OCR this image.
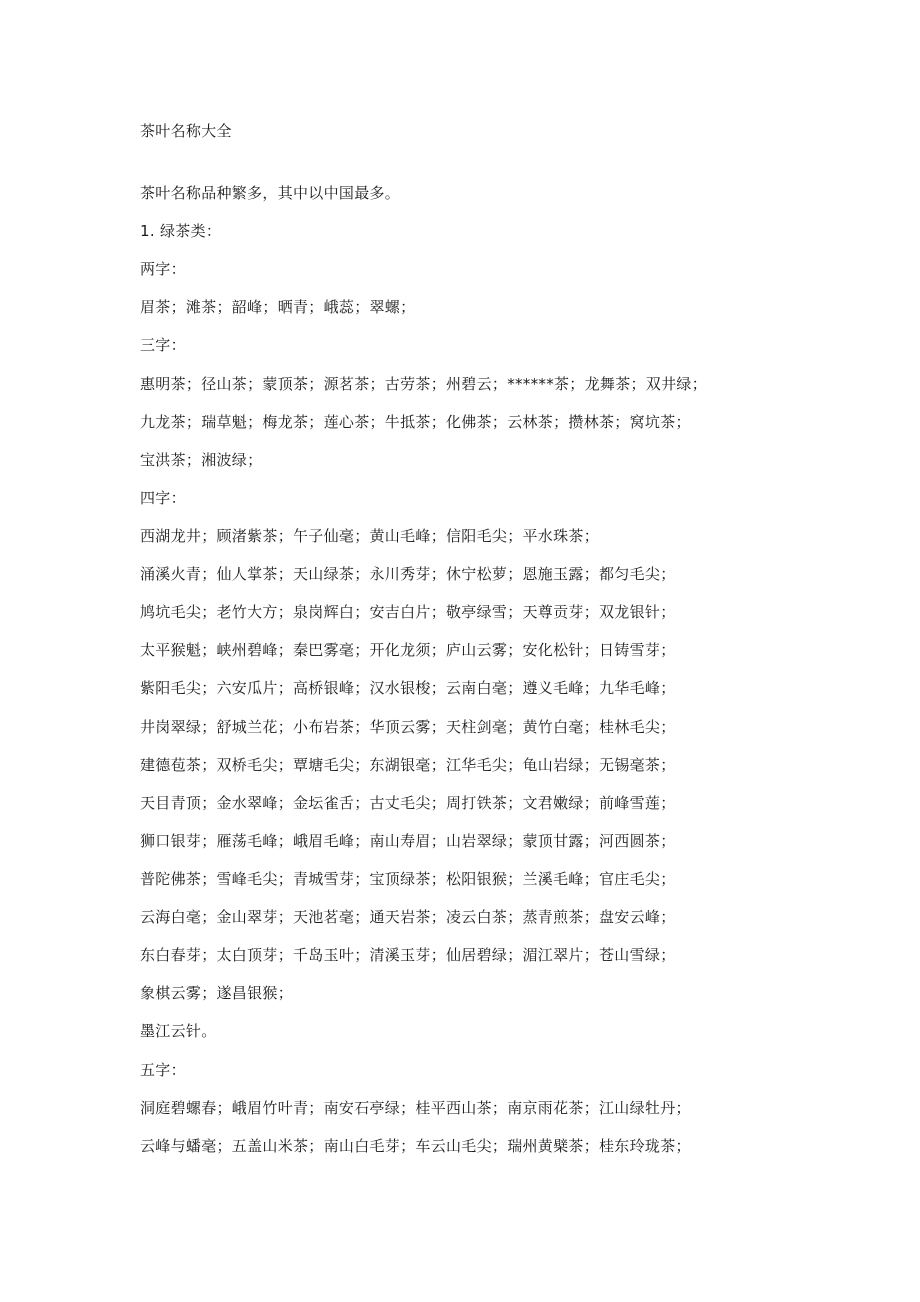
茶叶名称大全
茶叶名称品种繁多，其中以中国最多。
1. 绿茶类：
两字：
眉茶；滩茶；韶峰；晒青；峨蕊；翠螺；
三字：
惠明茶；径山茶；蒙顶茶；源茗茶；古劳茶；州碧云；******茶；龙舞茶；双井绿；
九龙茶；瑞草魁；梅龙茶；莲心茶；牛抵茶；化佛茶；云林茶；攒林茶；窝坑茶；
宝洪茶；湘波绿；
四字：
西湖龙井；顾渚紫茶；午子仙毫；黄山毛峰；信阳毛尖；平水珠茶；
涌溪火青；仙人掌茶；天山绿茶；永川秀芽；休宁松萝；恩施玉露；都匀毛尖；
鸠坑毛尖；老竹大方；泉岗辉白；安吉白片；敬亭绿雪；天尊贡芽；双龙银针；
太平猴魁；峡州碧峰；秦巴雾毫；开化龙须；庐山云雾；安化松针；日铸雪芽；
紫阳毛尖；六安瓜片；高桥银峰；汉水银梭；云南白毫；遵义毛峰；九华毛峰；
井岗翠绿；舒城兰花；小布岩茶；华顶云雾；天柱剑毫；黄竹白毫；桂林毛尖；
建德苞茶；双桥毛尖；覃塘毛尖；东湖银毫；江华毛尖；龟山岩绿；无锡毫茶；
天目青顶；金水翠峰；金坛雀舌；古丈毛尖；周打铁茶；文君嫩绿；前峰雪莲；
狮口银芽；雁荡毛峰；峨眉毛峰；南山寿眉；山岩翠绿；蒙顶甘露；河西圆茶；
普陀佛茶；雪峰毛尖；青城雪芽；宝顶绿茶；松阳银猴；兰溪毛峰；官庄毛尖；
云海白毫；金山翠芽；天池茗毫；通天岩茶；凌云白茶；蒸青煎茶；盘安云峰；
东白春芽；太白顶芽；千岛玉叶；清溪玉芽；仙居碧绿；湄江翠片；苍山雪绿；
象棋云雾；遂昌银猴；
墨江云针。
五字：
洞庭碧螺春；峨眉竹叶青；南安石亭绿；桂平西山茶；南京雨花茶；江山绿牡丹；
云峰与蟠毫；五盖山米茶；南山白毛芽；车云山毛尖；瑞州黄檗茶；桂东玲珑茶；
